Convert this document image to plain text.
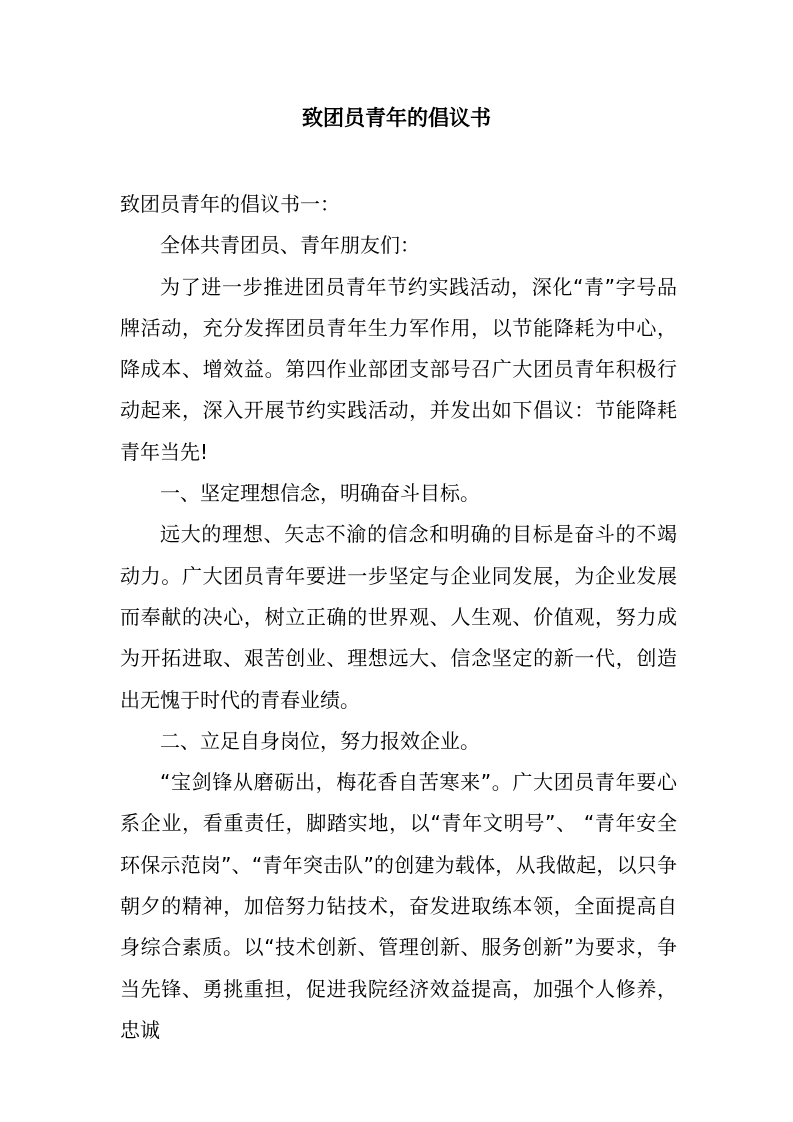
致团员青年的倡议书

致团员青年的倡议书一：

全体共青团员、青年朋友们：

为了进一步推进团员青年节约实践活动，深化“青”字号品牌活动，充分发挥团员青年生力军作用，以节能降耗为中心，降成本、增效益。第四作业部团支部号召广大团员青年积极行动起来，深入开展节约实践活动，并发出如下倡议：节能降耗 青年当先!

一、坚定理想信念，明确奋斗目标。

远大的理想、矢志不渝的信念和明确的目标是奋斗的不竭动力。广大团员青年要进一步坚定与企业同发展，为企业发展而奉献的决心，树立正确的世界观、人生观、价值观，努力成为开拓进取、艰苦创业、理想远大、信念坚定的新一代，创造出无愧于时代的青春业绩。

二、立足自身岗位，努力报效企业。

“宝剑锋从磨砺出，梅花香自苦寒来”。广大团员青年要心系企业，看重责任，脚踏实地，以“青年文明号”、 “青年安全环保示范岗”、“青年突击队”的创建为载体，从我做起，以只争朝夕的精神，加倍努力钻技术，奋发进取练本领，全面提高自身综合素质。以“技术创新、管理创新、服务创新”为要求，争当先锋、勇挑重担，促进我院经济效益提高，加强个人修养，忠诚
